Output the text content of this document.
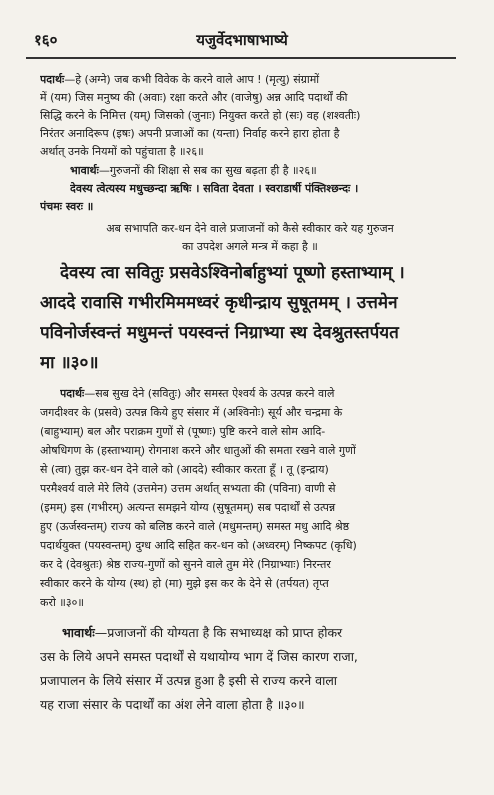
१६०	यजुर्वेदभाषाभाष्ये
पदार्थः—हे (अग्ने) जब कभी विवेक के करने वाले आप ! (मृत्यु) संग्रामों
में (यम) जिस मनुष्य की (अवाः) रक्षा करते और (वाजेषु) अन्न आदि पदार्थों की
सिद्धि करने के निमित्त (यम्) जिसको (जुनाः) नियुक्त करते हो (सः) वह (शश्वतीः)
निरंतर अनादिरूप (इषः) अपनी प्रजाओं का (यन्ता) निर्वाह करने हारा होता है
अर्थात् उनके नियमों को पहुंचाता है ॥२६॥
भावार्थः—गुरुजनों की शिक्षा से सब का सुख बढ़ता ही है ॥२६॥
देवस्य त्वेत्यस्य मधुच्छन्दा ऋषिः । सविता देवता । स्वराडार्षी पंक्तिश्छन्दः ।
पंचमः स्वरः ॥
अब सभापति कर-धन देने वाले प्रजाजनों को कैसे स्वीकार करे यह गुरुजन
का उपदेश अगले मन्त्र में कहा है ॥
देवस्य त्वा सवितुः प्रसवेऽश्विनोर्बाहुभ्यां पूष्णो हस्ताभ्याम् ।
आददे रावासि गभीरमिममध्वरं कृधीन्द्राय सुषूतमम् । उत्तमेन
पविनोर्जस्वन्तं मधुमन्तं पयस्वन्तं निग्राभ्या स्थ देवश्रुतस्तर्पयत
मा ॥३०॥
पदार्थः—सब सुख देने (सवितुः) और समस्त ऐश्वर्य के उत्पन्न करने वाले
जगदीश्वर के (प्रसवे) उत्पन्न किये हुए संसार में (अश्विनोः) सूर्य और चन्द्रमा के
(बाहुभ्याम्) बल और पराक्रम गुणों से (पूष्णः) पुष्टि करने वाले सोम आदि-
ओषधिगण के (हस्ताभ्याम्) रोगनाश करने और धातुओं की समता रखने वाले गुणों
से (त्वा) तुझ कर-धन देने वाले को (आददे) स्वीकार करता हूँ । तू (इन्द्राय)
परमैश्वर्य वाले मेरे लिये (उत्तमेन) उत्तम अर्थात् सभ्यता की (पविना) वाणी से
(इमम्) इस (गभीरम्) अत्यन्त समझने योग्य (सुषूतमम्) सब पदार्थों से उत्पन्न
हुए (ऊर्जस्वन्तम्) राज्य को बलिष्ठ करने वाले (मधुमन्तम्) समस्त मधु आदि श्रेष्ठ
पदार्थयुक्त (पयस्वन्तम्) दुग्ध आदि सहित कर-धन को (अध्वरम्) निष्कपट (कृधि)
कर दे (देवश्रुतः) श्रेष्ठ राज्य-गुणों को सुनने वाले तुम मेरे (निग्राभ्याः) निरन्तर
स्वीकार करने के योग्य (स्थ) हो (मा) मुझे इस कर के देने से (तर्पयत) तृप्त
करो ॥३०॥
भावार्थः—प्रजाजनों की योग्यता है कि सभाध्यक्ष को प्राप्त होकर
उस के लिये अपने समस्त पदार्थों से यथायोग्य भाग दें जिस कारण राजा,
प्रजापालन के लिये संसार में उत्पन्न हुआ है इसी से राज्य करने वाला
यह राजा संसार के पदार्थों का अंश लेने वाला होता है ॥३०॥
